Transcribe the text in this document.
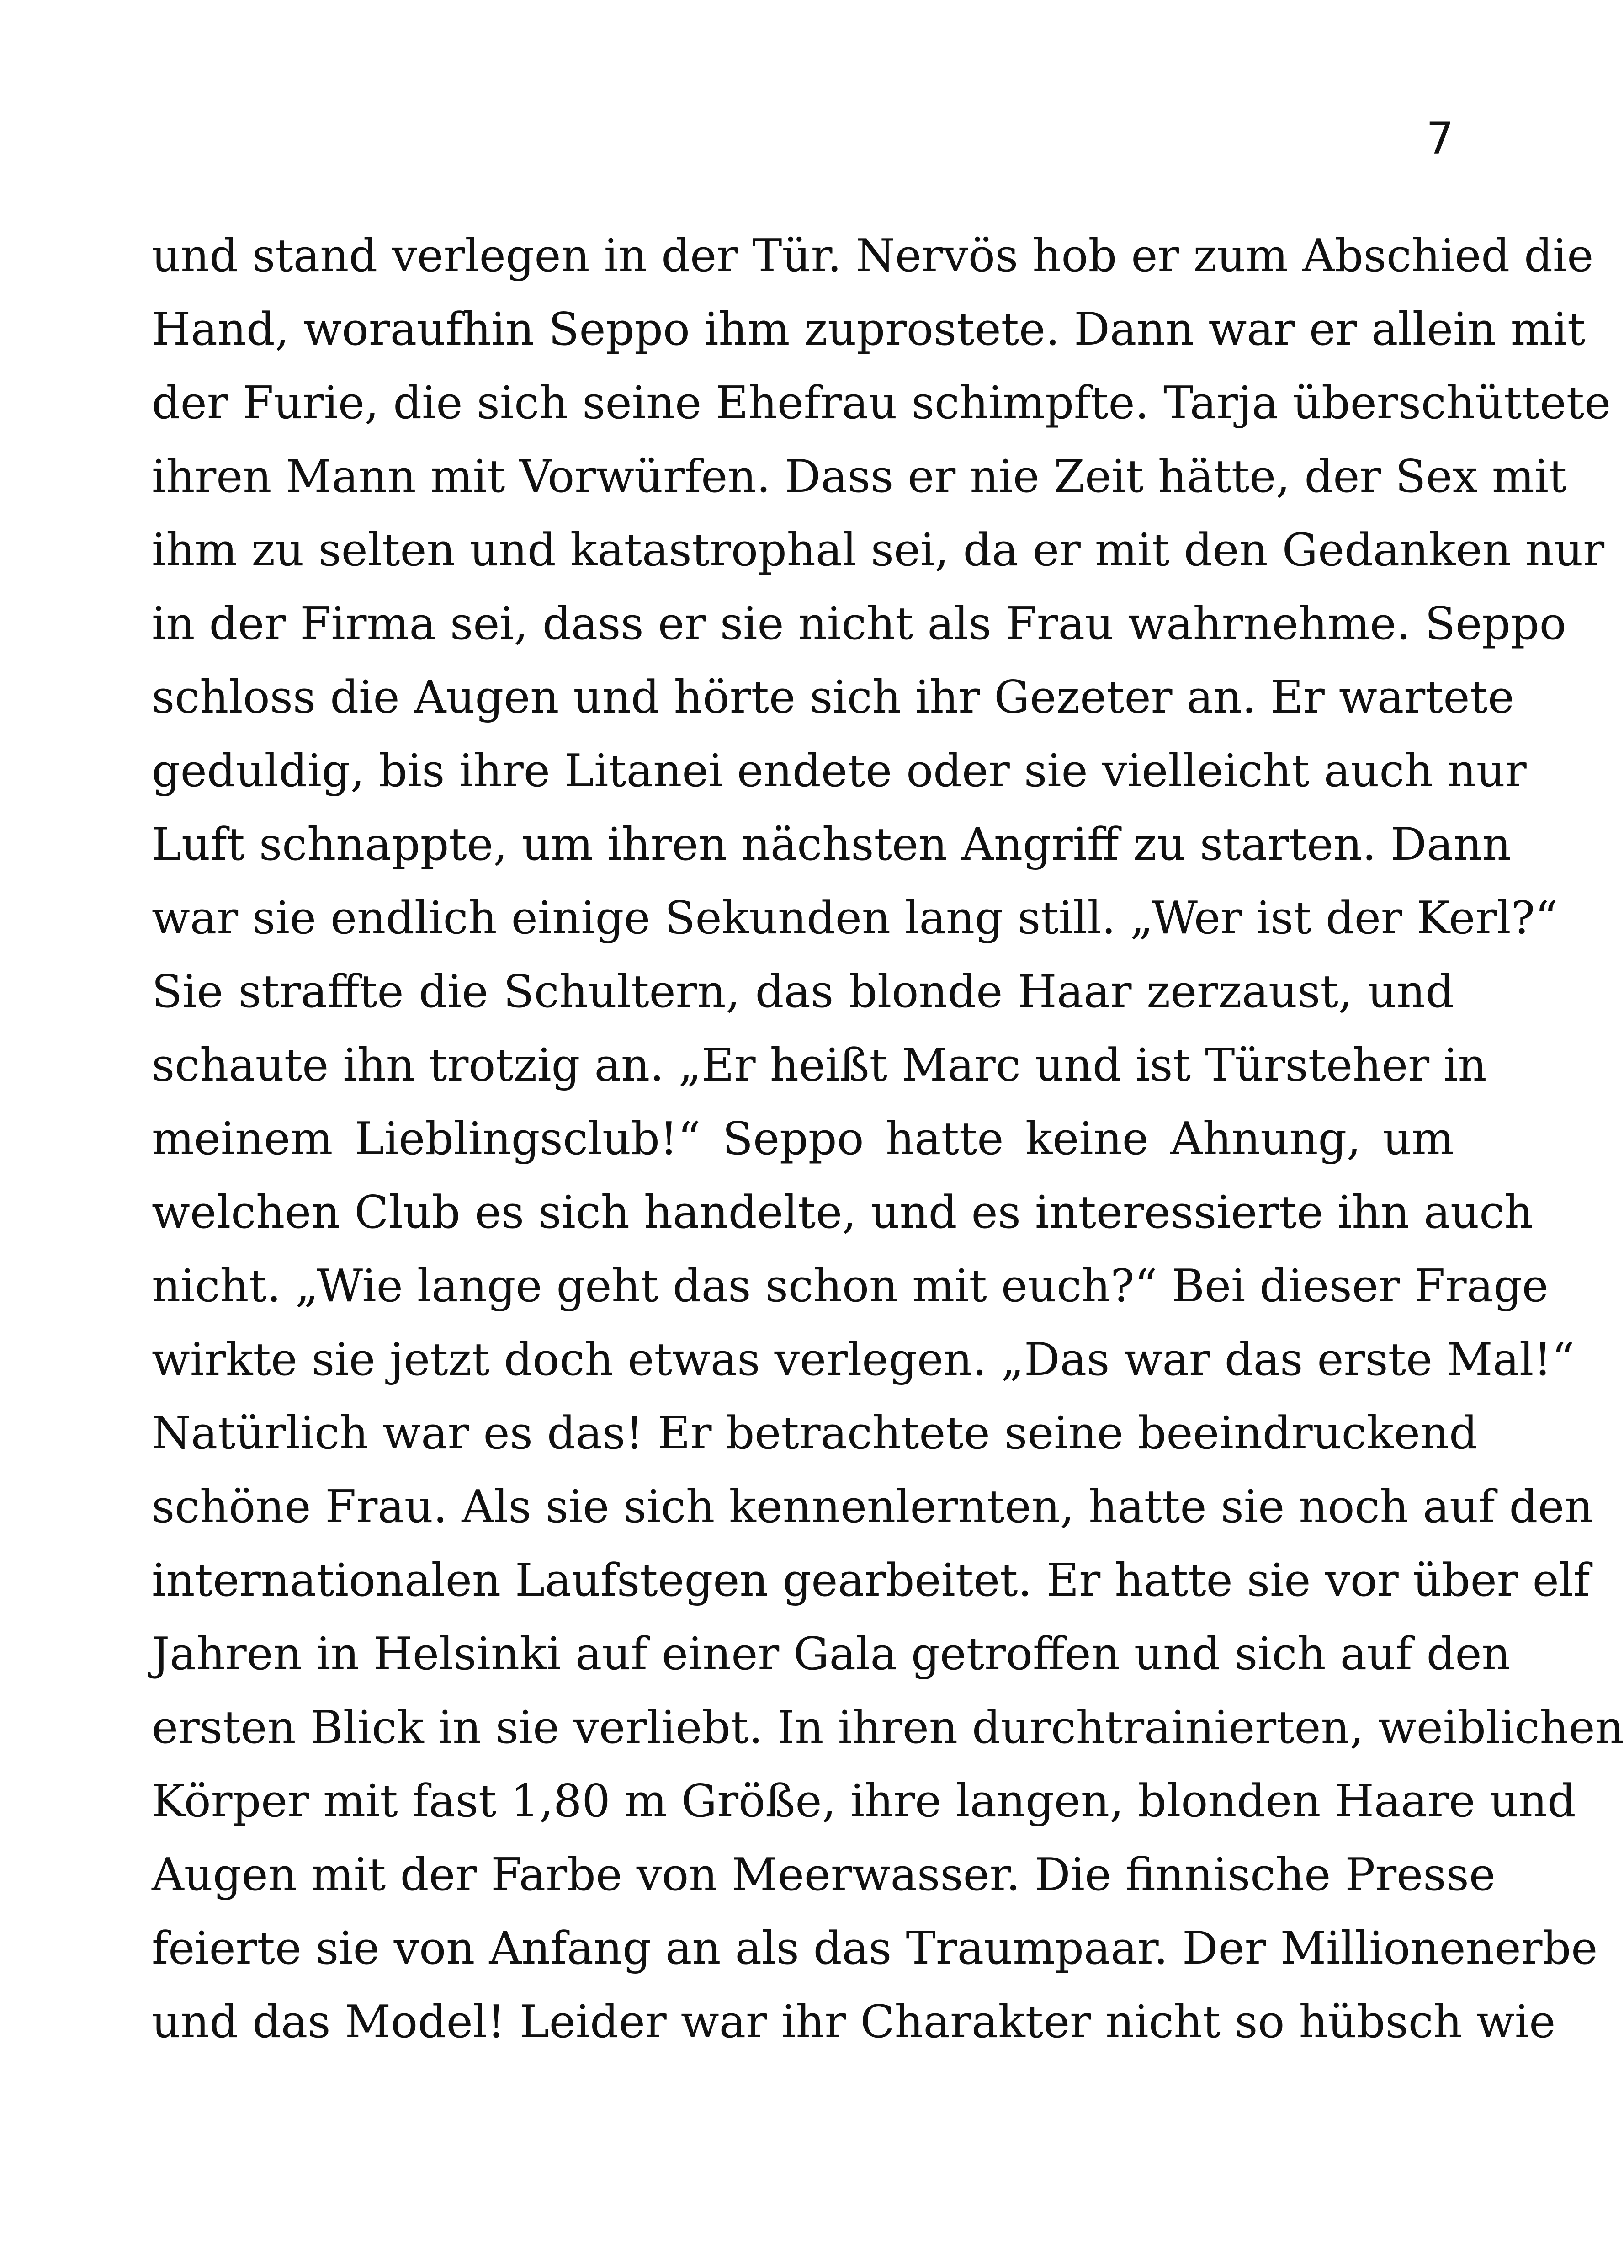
7
und stand verlegen in der Tür. Nervös hob er zum Abschied die
Hand, woraufhin Seppo ihm zuprostete. Dann war er allein mit
der Furie, die sich seine Ehefrau schimpfte. Tarja überschüttete
ihren Mann mit Vorwürfen. Dass er nie Zeit hätte, der Sex mit
ihm zu selten und katastrophal sei, da er mit den Gedanken nur
in der Firma sei, dass er sie nicht als Frau wahrnehme. Seppo
schloss die Augen und hörte sich ihr Gezeter an. Er wartete
geduldig, bis ihre Litanei endete oder sie vielleicht auch nur
Luft schnappte, um ihren nächsten Angriff zu starten. Dann
war sie endlich einige Sekunden lang still. „Wer ist der Kerl?“
Sie straffte die Schultern, das blonde Haar zerzaust, und
schaute ihn trotzig an. „Er heißt Marc und ist Türsteher in
meinem Lieblingsclub!“ Seppo hatte keine Ahnung, um
welchen Club es sich handelte, und es interessierte ihn auch
nicht. „Wie lange geht das schon mit euch?“ Bei dieser Frage
wirkte sie jetzt doch etwas verlegen. „Das war das erste Mal!“
Natürlich war es das! Er betrachtete seine beeindruckend
schöne Frau. Als sie sich kennenlernten, hatte sie noch auf den
internationalen Laufstegen gearbeitet. Er hatte sie vor über elf
Jahren in Helsinki auf einer Gala getroffen und sich auf den
ersten Blick in sie verliebt. In ihren durchtrainierten, weiblichen
Körper mit fast 1,80 m Größe, ihre langen, blonden Haare und
Augen mit der Farbe von Meerwasser. Die finnische Presse
feierte sie von Anfang an als das Traumpaar. Der Millionenerbe
und das Model! Leider war ihr Charakter nicht so hübsch wie
